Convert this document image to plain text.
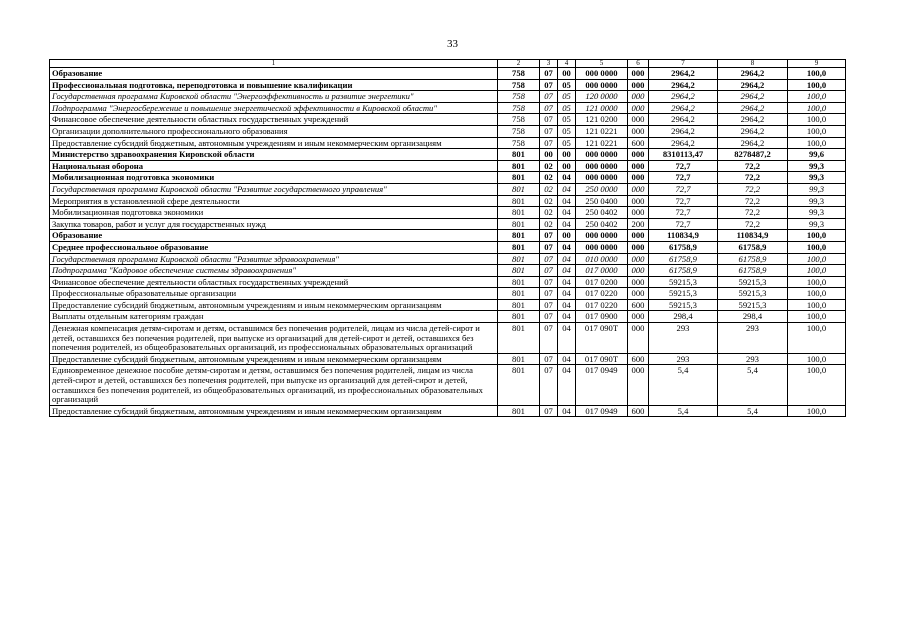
33
1	2	3	4	5	6	7	8	9
Образование	758	07	00	000 0000	000	2964,2	2964,2	100,0
Профессиональная подготовка, переподготовка и повышение квалификации	758	07	05	000 0000	000	2964,2	2964,2	100,0
Государственная программа Кировской области "Энергоэффективность и развитие энергетики"	758	07	05	120 0000	000	2964,2	2964,2	100,0
Подпрограмма "Энергосбережение и повышение энергетической эффективности в Кировской области"	758	07	05	121 0000	000	2964,2	2964,2	100,0
Финансовое обеспечение деятельности областных государственных учреждений	758	07	05	121 0200	000	2964,2	2964,2	100,0
Организации дополнительного профессионального образования	758	07	05	121 0221	000	2964,2	2964,2	100,0
Предоставление субсидий бюджетным, автономным учреждениям и иным некоммерческим организациям	758	07	05	121 0221	600	2964,2	2964,2	100,0
Министерство здравоохранения Кировской области	801	00	00	000 0000	000	8310113,47	8278487,2	99,6
Национальная оборона	801	02	00	000 0000	000	72,7	72,2	99,3
Мобилизационная подготовка экономики	801	02	04	000 0000	000	72,7	72,2	99,3
Государственная программа Кировской области "Развитие государственного управления"	801	02	04	250 0000	000	72,7	72,2	99,3
Мероприятия в установленной сфере деятельности	801	02	04	250 0400	000	72,7	72,2	99,3
Мобилизационная подготовка экономики	801	02	04	250 0402	000	72,7	72,2	99,3
Закупка товаров, работ и услуг для государственных нужд	801	02	04	250 0402	200	72,7	72,2	99,3
Образование	801	07	00	000 0000	000	110834,9	110834,9	100,0
Среднее профессиональное образование	801	07	04	000 0000	000	61758,9	61758,9	100,0
Государственная программа Кировской области "Развитие здравоохранения"	801	07	04	010 0000	000	61758,9	61758,9	100,0
Подпрограмма "Кадровое обеспечение системы здравоохранения"	801	07	04	017 0000	000	61758,9	61758,9	100,0
Финансовое обеспечение деятельности областных государственных учреждений	801	07	04	017 0200	000	59215,3	59215,3	100,0
Профессиональные образовательные организации	801	07	04	017 0220	000	59215,3	59215,3	100,0
Предоставление субсидий бюджетным, автономным учреждениям и иным некоммерческим организациям	801	07	04	017 0220	600	59215,3	59215,3	100,0
Выплаты отдельным категориям граждан	801	07	04	017 0900	000	298,4	298,4	100,0
Денежная компенсация детям-сиротам и детям, оставшимся без попечения родителей, лицам из числа детей-сирот и детей, оставшихся без попечения родителей, при выпуске из организаций для детей-сирот и детей, оставшихся без попечения родителей, из общеобразовательных организаций, из профессиональных образовательных организаций	801	07	04	017 090Т	000	293	293	100,0
Предоставление субсидий бюджетным, автономным учреждениям и иным некоммерческим организациям	801	07	04	017 090Т	600	293	293	100,0
Единовременное денежное пособие детям-сиротам и детям, оставшимся без попечения родителей, лицам из числа детей-сирот и детей, оставшихся без попечения родителей, при выпуске из организаций для детей-сирот и детей, оставшихся без попечения родителей, из общеобразовательных организаций, из профессиональных образовательных организаций	801	07	04	017 0949	000	5,4	5,4	100,0
Предоставление субсидий бюджетным, автономным учреждениям и иным некоммерческим организациям	801	07	04	017 0949	600	5,4	5,4	100,0
